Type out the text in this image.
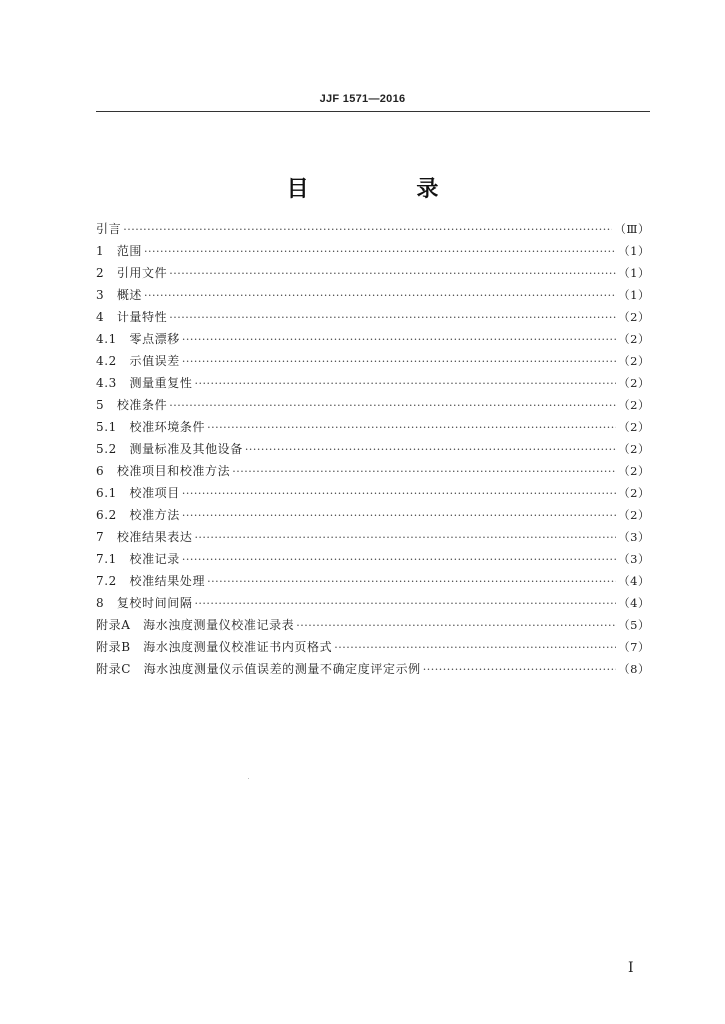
JJF 1571—2016
目 录
引言 ·····	（Ⅲ）
1　范围 ·····	（1）
2　引用文件 ·····	（1）
3　概述 ·····	（1）
4　计量特性 ·····	（2）
4.1　零点漂移 ·····	（2）
4.2　示值误差 ·····	（2）
4.3　测量重复性 ·····	（2）
5　校准条件 ·····	（2）
5.1　校准环境条件 ·····	（2）
5.2　测量标准及其他设备 ·····	（2）
6　校准项目和校准方法 ·····	（2）
6.1　校准项目 ·····	（2）
6.2　校准方法 ·····	（2）
7　校准结果表达 ·····	（3）
7.1　校准记录 ·····	（3）
7.2　校准结果处理 ·····	（4）
8　复校时间间隔 ·····	（4）
附录A　海水浊度测量仪校准记录表 ·····	（5）
附录B　海水浊度测量仪校准证书内页格式 ·····	（7）
附录C　海水浊度测量仪示值误差的测量不确定度评定示例 ·····	（8）
Ⅰ
